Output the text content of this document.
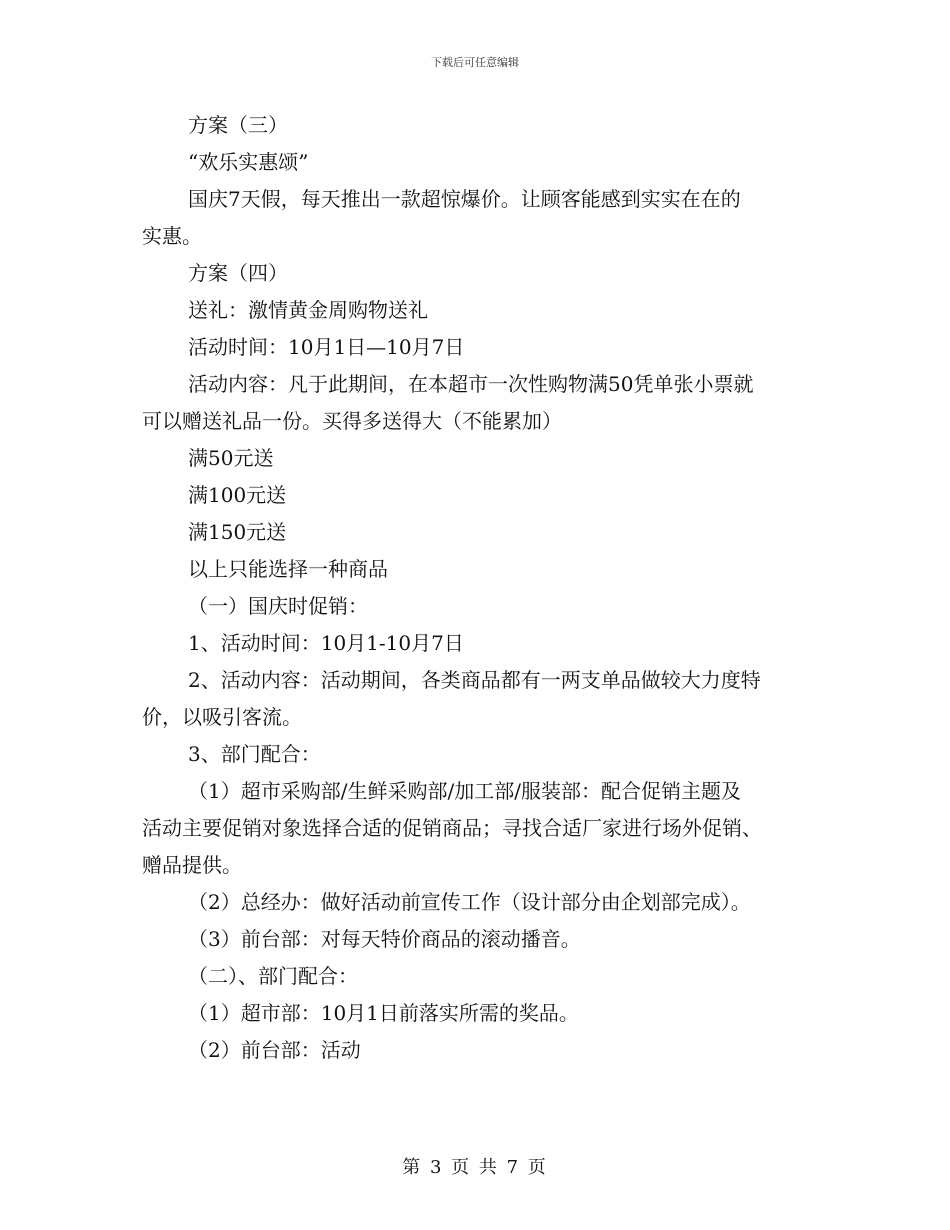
下载后可任意编辑
方案（三）
“欢乐实惠颂”
国庆7天假，每天推出一款超惊爆价。让顾客能感到实实在在的
实惠。
方案（四）
送礼：激情黄金周购物送礼
活动时间：10月1日—10月7日
活动内容：凡于此期间，在本超市一次性购物满50凭单张小票就
可以赠送礼品一份。买得多送得大（不能累加）
满50元送
满100元送
满150元送
以上只能选择一种商品
（一）国庆时促销：
1、活动时间：10月1-10月7日
2、活动内容：活动期间，各类商品都有一两支单品做较大力度特
价，以吸引客流。
3、部门配合：
（1）超市采购部/生鲜采购部/加工部/服装部：配合促销主题及
活动主要促销对象选择合适的促销商品；寻找合适厂家进行场外促销、
赠品提供。
（2）总经办：做好活动前宣传工作（设计部分由企划部完成）。
（3）前台部：对每天特价商品的滚动播音。
（二）、部门配合：
（1）超市部：10月1日前落实所需的奖品。
（2）前台部：活动
第 3 页 共 7 页
